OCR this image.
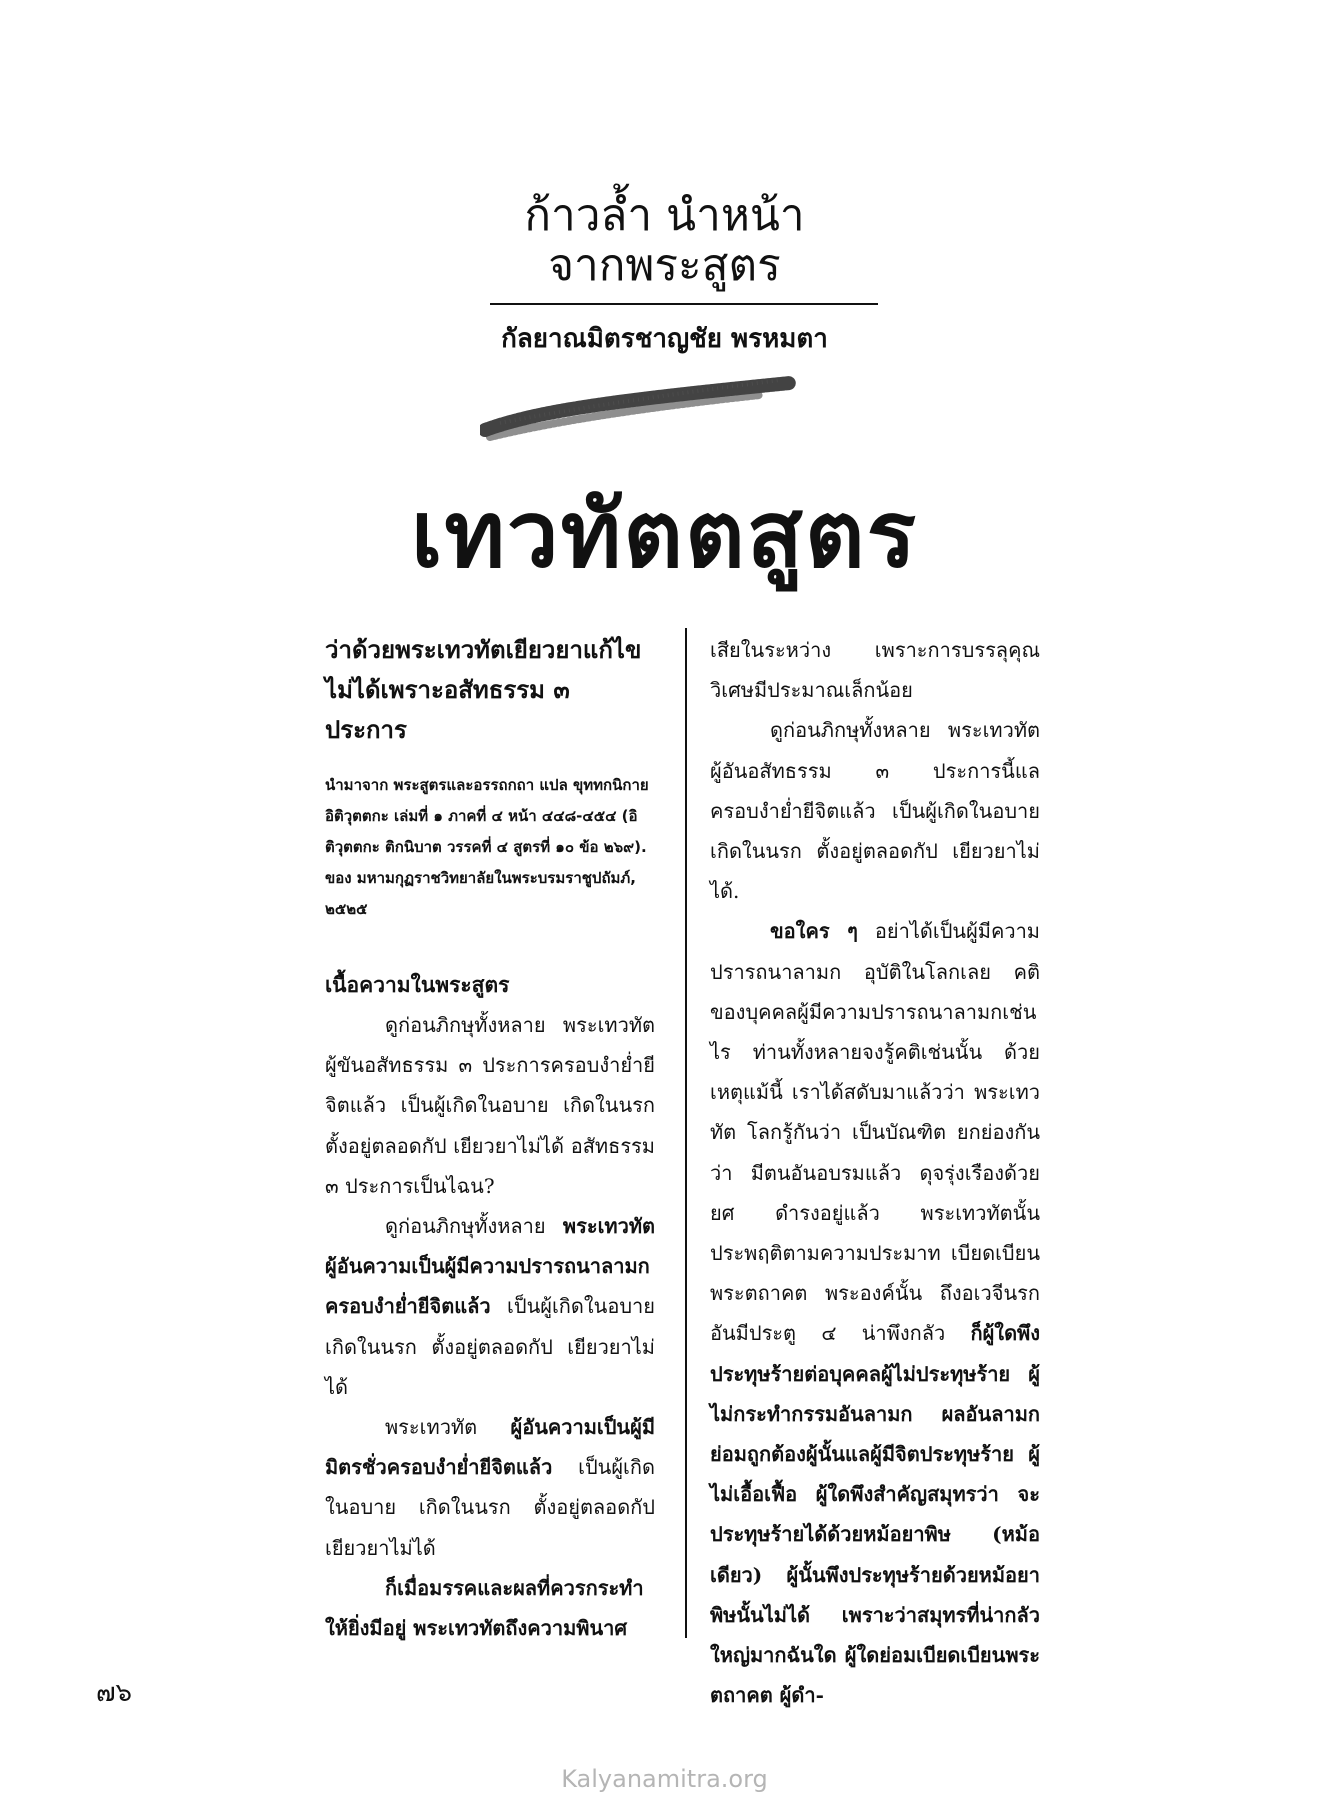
ก้าวล้ำ นำหน้า
จากพระสูตร
กัลยาณมิตรชาญชัย พรหมตา
เทวทัตตสูตร

ว่าด้วยพระเทวทัตเยียวยาแก้ไขไม่ได้เพราะอสัทธรรม ๓ ประการ

นำมาจาก พระสูตรและอรรถกถา แปล ขุททกนิกาย อิติวุตตกะ เล่มที่ ๑ ภาคที่ ๔ หน้า ๔๔๘-๔๕๔ (อิติวุตตกะ ติกนิบาต วรรคที่ ๔ สูตรที่ ๑๐ ข้อ ๒๖๙). ของ มหามกุฏราชวิทยาลัยในพระบรมราชูปถัมภ์, ๒๕๒๕

เนื้อความในพระสูตร

ดูก่อนภิกษุทั้งหลาย พระเทวทัต ผู้ขันอสัทธรรม ๓ ประการครอบงำย่ำยีจิตแล้ว เป็นผู้เกิดในอบาย เกิดในนรก ตั้งอยู่ตลอดกัป เยียวยาไม่ได้ อสัทธรรม ๓ ประการเป็นไฉน?

ดูก่อนภิกษุทั้งหลาย พระเทวทัต ผู้อันความเป็นผู้มีความปรารถนาลามกครอบงำย่ำยีจิตแล้ว เป็นผู้เกิดในอบาย เกิดในนรก ตั้งอยู่ตลอดกัป เยียวยาไม่ได้

พระเทวทัต ผู้อันความเป็นผู้มีมิตรชั่วครอบงำย่ำยีจิตแล้ว เป็นผู้เกิดในอบาย เกิดในนรก ตั้งอยู่ตลอดกัป เยียวยาไม่ได้

ก็เมื่อมรรคและผลที่ควรกระทำให้ยิ่งมีอยู่ พระเทวทัตถึงความพินาศ

เสียในระหว่าง เพราะการบรรลุคุณวิเศษมีประมาณเล็กน้อย

ดูก่อนภิกษุทั้งหลาย พระเทวทัต ผู้อันอสัทธรรม ๓ ประการนี้แล ครอบงำย่ำยีจิตแล้ว เป็นผู้เกิดในอบาย เกิดในนรก ตั้งอยู่ตลอดกัป เยียวยาไม่ได้.

ขอใคร ๆ อย่าได้เป็นผู้มีความปรารถนาลามก อุบัติในโลกเลย คติของบุคคลผู้มีความปรารถนาลามกเช่นไร ท่านทั้งหลายจงรู้คติเช่นนั้น ด้วยเหตุแม้นี้ เราได้สดับมาแล้วว่า พระเทวทัต โลกรู้กันว่า เป็นบัณฑิต ยกย่องกันว่า มีตนอันอบรมแล้ว ดุจรุ่งเรืองด้วยยศ ดำรงอยู่แล้ว พระเทวทัตนั้นประพฤติตามความประมาท เบียดเบียนพระตถาคต พระองค์นั้น ถึงอเวจีนรกอันมีประตู ๔ น่าพึงกลัว ก็ผู้ใดพึงประทุษร้ายต่อบุคคลผู้ไม่ประทุษร้าย ผู้ไม่กระทำกรรมอันลามก ผลอันลามกย่อมถูกต้องผู้นั้นแลผู้มีจิตประทุษร้าย ผู้ไม่เอื้อเฟื้อ ผู้ใดพึงสำคัญสมุทรว่า จะประทุษร้ายได้ด้วยหม้อยาพิษ (หม้อเดียว) ผู้นั้นพึงประทุษร้ายด้วยหม้อยาพิษนั้นไม่ได้ เพราะว่าสมุทรที่น่ากลัว ใหญ่มากฉันใด ผู้ใดย่อมเบียดเบียนพระตถาคต ผู้ดำ-

๗๖
Kalyanamitra.org
